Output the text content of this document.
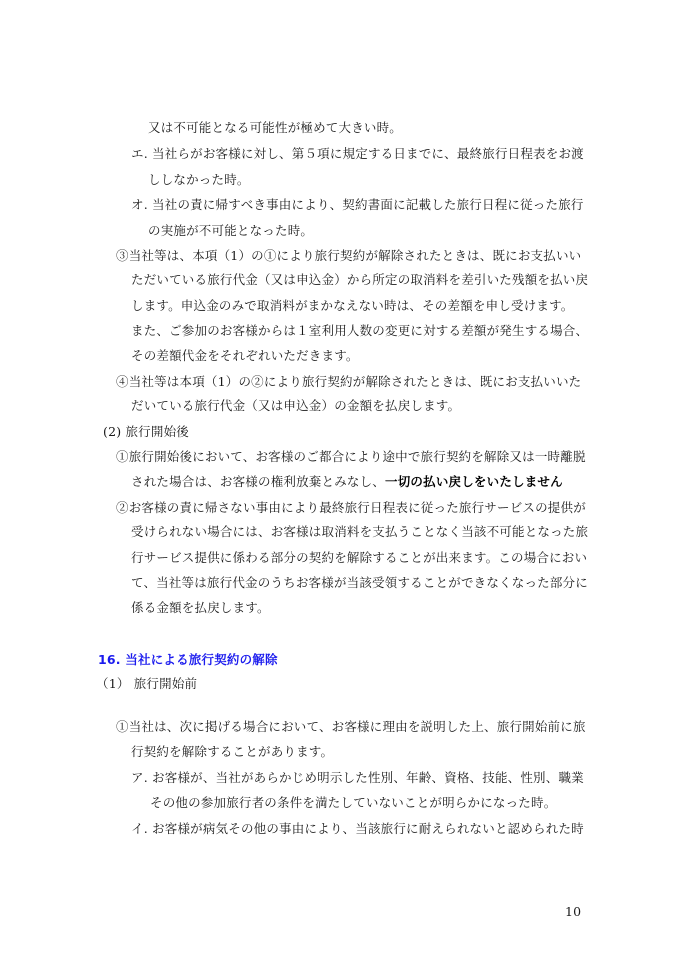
又は不可能となる可能性が極めて大きい時。
エ. 当社らがお客様に対し、第５項に規定する日までに、最終旅行日程表をお渡
ししなかった時。
オ. 当社の責に帰すべき事由により、契約書面に記載した旅行日程に従った旅行
の実施が不可能となった時。
③当社等は、本項（1）の①により旅行契約が解除されたときは、既にお支払いい
ただいている旅行代金（又は申込金）から所定の取消料を差引いた残額を払い戻
します。申込金のみで取消料がまかなえない時は、その差額を申し受けます。
また、ご参加のお客様からは１室利用人数の変更に対する差額が発生する場合、
その差額代金をそれぞれいただきます。
④当社等は本項（1）の②により旅行契約が解除されたときは、既にお支払いいた
だいている旅行代金（又は申込金）の金額を払戻します。
(2) 旅行開始後
①旅行開始後において、お客様のご都合により途中で旅行契約を解除又は一時離脱
された場合は、お客様の権利放棄とみなし、一切の払い戻しをいたしません
②お客様の責に帰さない事由により最終旅行日程表に従った旅行サービスの提供が
受けられない場合には、お客様は取消料を支払うことなく当該不可能となった旅
行サービス提供に係わる部分の契約を解除することが出来ます。この場合におい
て、当社等は旅行代金のうちお客様が当該受領することができなくなった部分に
係る金額を払戻します。
16. 当社による旅行契約の解除
（1） 旅行開始前
①当社は、次に掲げる場合において、お客様に理由を説明した上、旅行開始前に旅
行契約を解除することがあります。
ア. お客様が、当社があらかじめ明示した性別、年齢、資格、技能、性別、職業
その他の参加旅行者の条件を満たしていないことが明らかになった時。
イ. お客様が病気その他の事由により、当該旅行に耐えられないと認められた時
10
